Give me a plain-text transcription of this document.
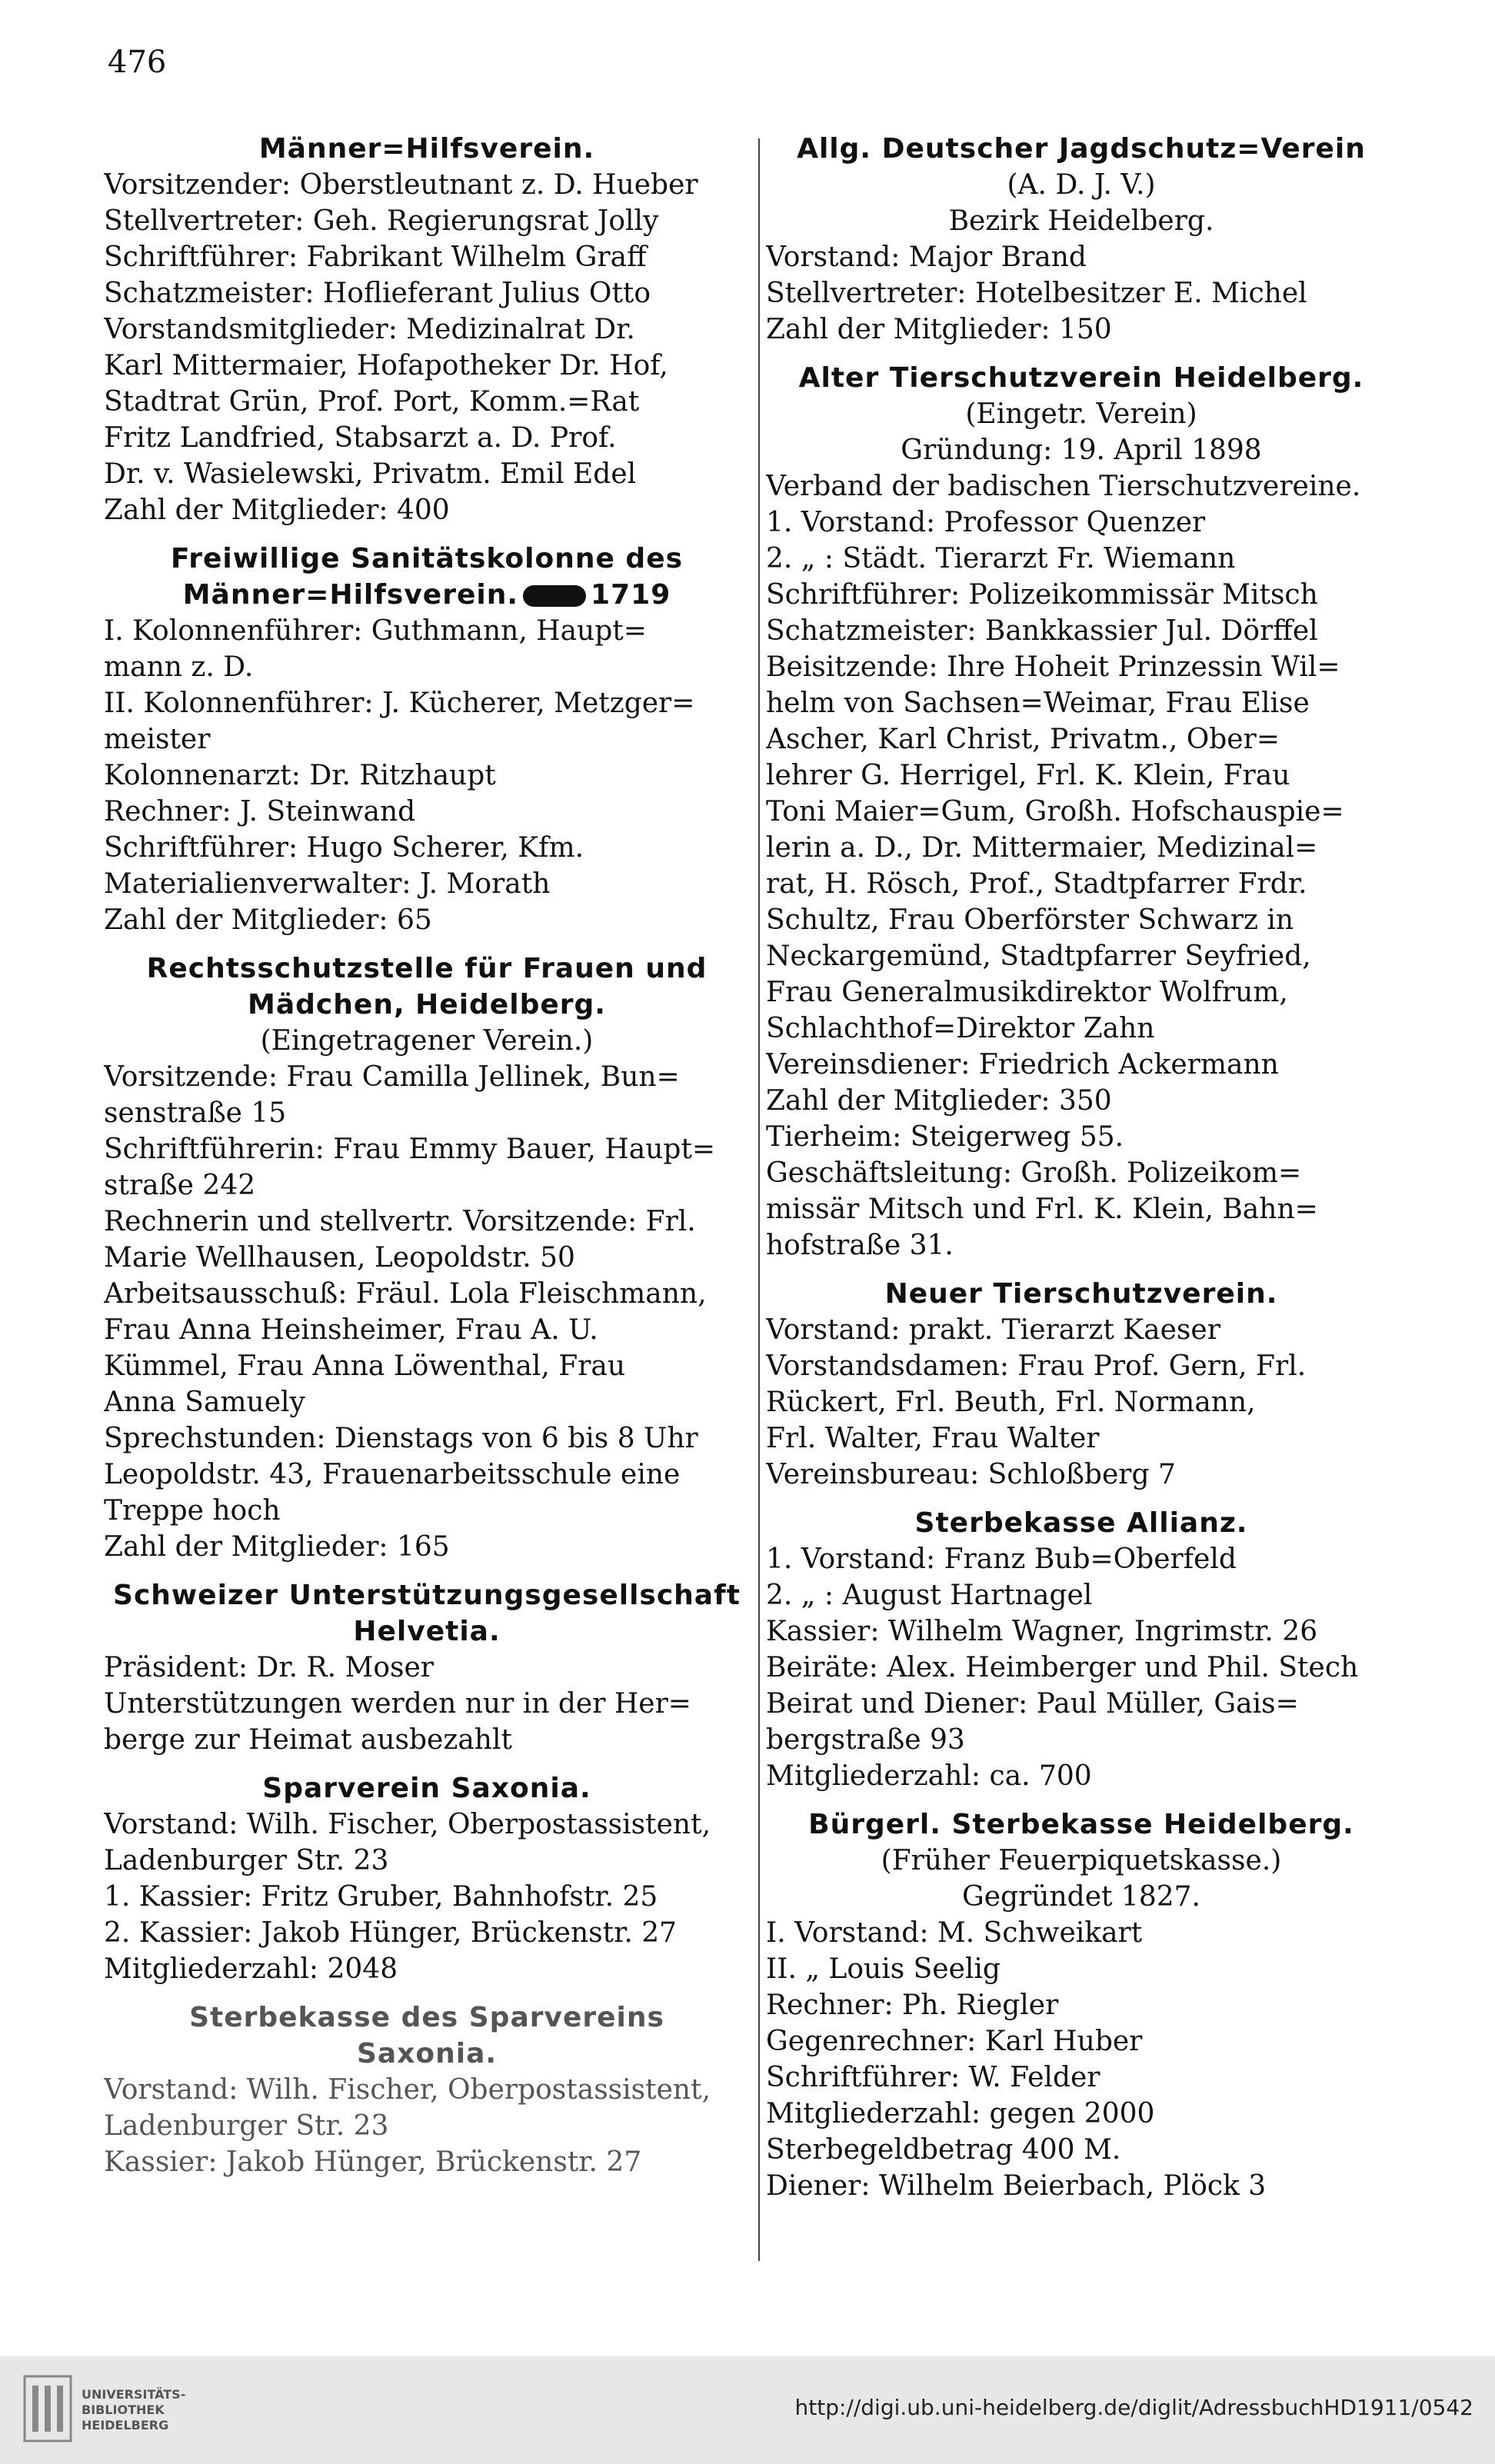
476
Männer=Hilfsverein.
Vorsitzender: Oberstleutnant z. D. Hueber
Stellvertreter: Geh. Regierungsrat Jolly
Schriftführer: Fabrikant Wilhelm Graff
Schatzmeister: Hoflieferant Julius Otto
Vorstandsmitglieder: Medizinalrat Dr.
Karl Mittermaier, Hofapotheker Dr. Hof,
Stadtrat Grün, Prof. Port, Komm.=Rat
Fritz Landfried, Stabsarzt a. D. Prof.
Dr. v. Wasielewski, Privatm. Emil Edel
Zahl der Mitglieder: 400
Freiwillige Sanitätskolonne des
Männer=Hilfsverein.	1719
I. Kolonnenführer: Guthmann, Haupt=
mann z. D.
II. Kolonnenführer: J. Kücherer, Metzger=
meister
Kolonnenarzt: Dr. Ritzhaupt
Rechner: J. Steinwand
Schriftführer: Hugo Scherer, Kfm.
Materialienverwalter: J. Morath
Zahl der Mitglieder: 65
Rechtsschutzstelle für Frauen und
Mädchen, Heidelberg.
(Eingetragener Verein.)
Vorsitzende: Frau Camilla Jellinek, Bun=
senstraße 15
Schriftführerin: Frau Emmy Bauer, Haupt=
straße 242
Rechnerin und stellvertr. Vorsitzende: Frl.
Marie Wellhausen, Leopoldstr. 50
Arbeitsausschuß: Fräul. Lola Fleischmann,
Frau Anna Heinsheimer, Frau A. U.
Kümmel, Frau Anna Löwenthal, Frau
Anna Samuely
Sprechstunden: Dienstags von 6 bis 8 Uhr
Leopoldstr. 43, Frauenarbeitsschule eine
Treppe hoch
Zahl der Mitglieder: 165
Schweizer Unterstützungsgesellschaft
Helvetia.
Präsident: Dr. R. Moser
Unterstützungen werden nur in der Her=
berge zur Heimat ausbezahlt
Sparverein Saxonia.
Vorstand: Wilh. Fischer, Oberpostassistent,
Ladenburger Str. 23
1. Kassier: Fritz Gruber, Bahnhofstr. 25
2. Kassier: Jakob Hünger, Brückenstr. 27
Mitgliederzahl: 2048
Sterbekasse des Sparvereins
Saxonia.
Vorstand: Wilh. Fischer, Oberpostassistent,
Ladenburger Str. 23
Kassier: Jakob Hünger, Brückenstr. 27
Allg. Deutscher Jagdschutz=Verein
(A. D. J. V.)
Bezirk Heidelberg.
Vorstand: Major Brand
Stellvertreter: Hotelbesitzer E. Michel
Zahl der Mitglieder: 150
Alter Tierschutzverein Heidelberg.
(Eingetr. Verein)
Gründung: 19. April 1898
Verband der badischen Tierschutzvereine.
1. Vorstand: Professor Quenzer
2. „ : Städt. Tierarzt Fr. Wiemann
Schriftführer: Polizeikommissär Mitsch
Schatzmeister: Bankkassier Jul. Dörffel
Beisitzende: Ihre Hoheit Prinzessin Wil=
helm von Sachsen=Weimar, Frau Elise
Ascher, Karl Christ, Privatm., Ober=
lehrer G. Herrigel, Frl. K. Klein, Frau
Toni Maier=Gum, Großh. Hofschauspie=
lerin a. D., Dr. Mittermaier, Medizinal=
rat, H. Rösch, Prof., Stadtpfarrer Frdr.
Schultz, Frau Oberförster Schwarz in
Neckargemünd, Stadtpfarrer Seyfried,
Frau Generalmusikdirektor Wolfrum,
Schlachthof=Direktor Zahn
Vereinsdiener: Friedrich Ackermann
Zahl der Mitglieder: 350
Tierheim: Steigerweg 55.
Geschäftsleitung: Großh. Polizeikom=
missär Mitsch und Frl. K. Klein, Bahn=
hofstraße 31.
Neuer Tierschutzverein.
Vorstand: prakt. Tierarzt Kaeser
Vorstandsdamen: Frau Prof. Gern, Frl.
Rückert, Frl. Beuth, Frl. Normann,
Frl. Walter, Frau Walter
Vereinsbureau: Schloßberg 7
Sterbekasse Allianz.
1. Vorstand: Franz Bub=Oberfeld
2. „ : August Hartnagel
Kassier: Wilhelm Wagner, Ingrimstr. 26
Beiräte: Alex. Heimberger und Phil. Stech
Beirat und Diener: Paul Müller, Gais=
bergstraße 93
Mitgliederzahl: ca. 700
Bürgerl. Sterbekasse Heidelberg.
(Früher Feuerpiquetskasse.)
Gegründet 1827.
I. Vorstand: M. Schweikart
II. „ Louis Seelig
Rechner: Ph. Riegler
Gegenrechner: Karl Huber
Schriftführer: W. Felder
Mitgliederzahl: gegen 2000
Sterbegeldbetrag 400 M.
Diener: Wilhelm Beierbach, Plöck 3
UNIVERSITÄTS-
BIBLIOTHEK
HEIDELBERG
http://digi.ub.uni-heidelberg.de/diglit/AdressbuchHD1911/0542
